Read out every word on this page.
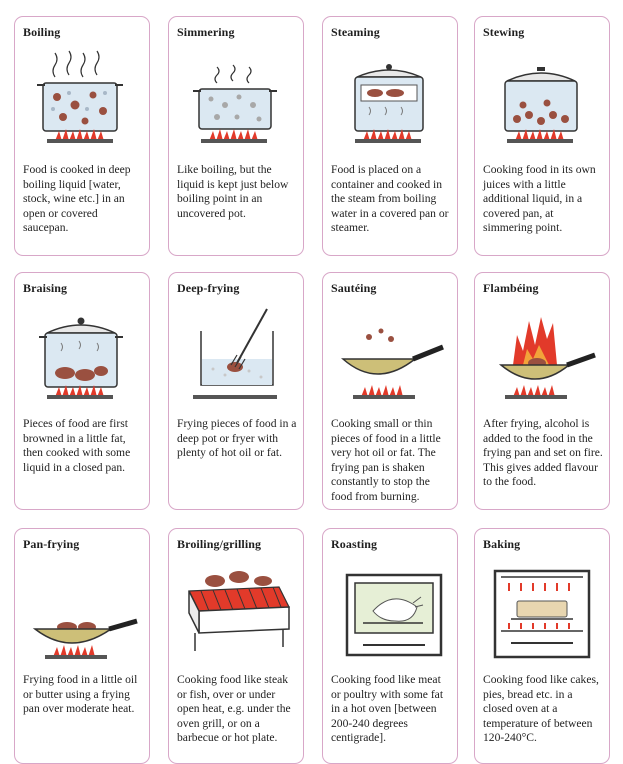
Boiling
Food is cooked in deep boiling liquid [water, stock, wine etc.] in an open or covered saucepan.
Simmering
Like boiling, but the liquid is kept just below boiling point in an uncovered pot.
Steaming
Food is placed on a container and cooked in the steam from boiling water in a covered pan or steamer.
Stewing
Cooking food in its own juices with a little additional liquid, in a covered pan, at simmering point.
Braising
Pieces of food are first browned in a little fat, then cooked with some liquid in a closed pan.
Deep-frying
Frying pieces of food in a deep pot or fryer with plenty of hot oil or fat.
Sautéing
Cooking small or thin pieces of food in a little very hot oil or fat. The frying pan is shaken constantly to stop the food from burning.
Flambéing
After frying, alcohol is added to the food in the frying pan and set on fire. This gives added flavour to the food.
Pan-frying
Frying food in a little oil or butter using a frying pan over moderate heat.
Broiling/grilling
Cooking food like steak or fish, over or under open heat, e.g. under the oven grill, or on a barbecue or hot plate.
Roasting
Cooking food like meat or poultry with some fat in a hot oven [between 200-240 degrees centigrade].
Baking
Cooking food like cakes, pies, bread etc. in a closed oven at a temperature of between 120-240°C.
